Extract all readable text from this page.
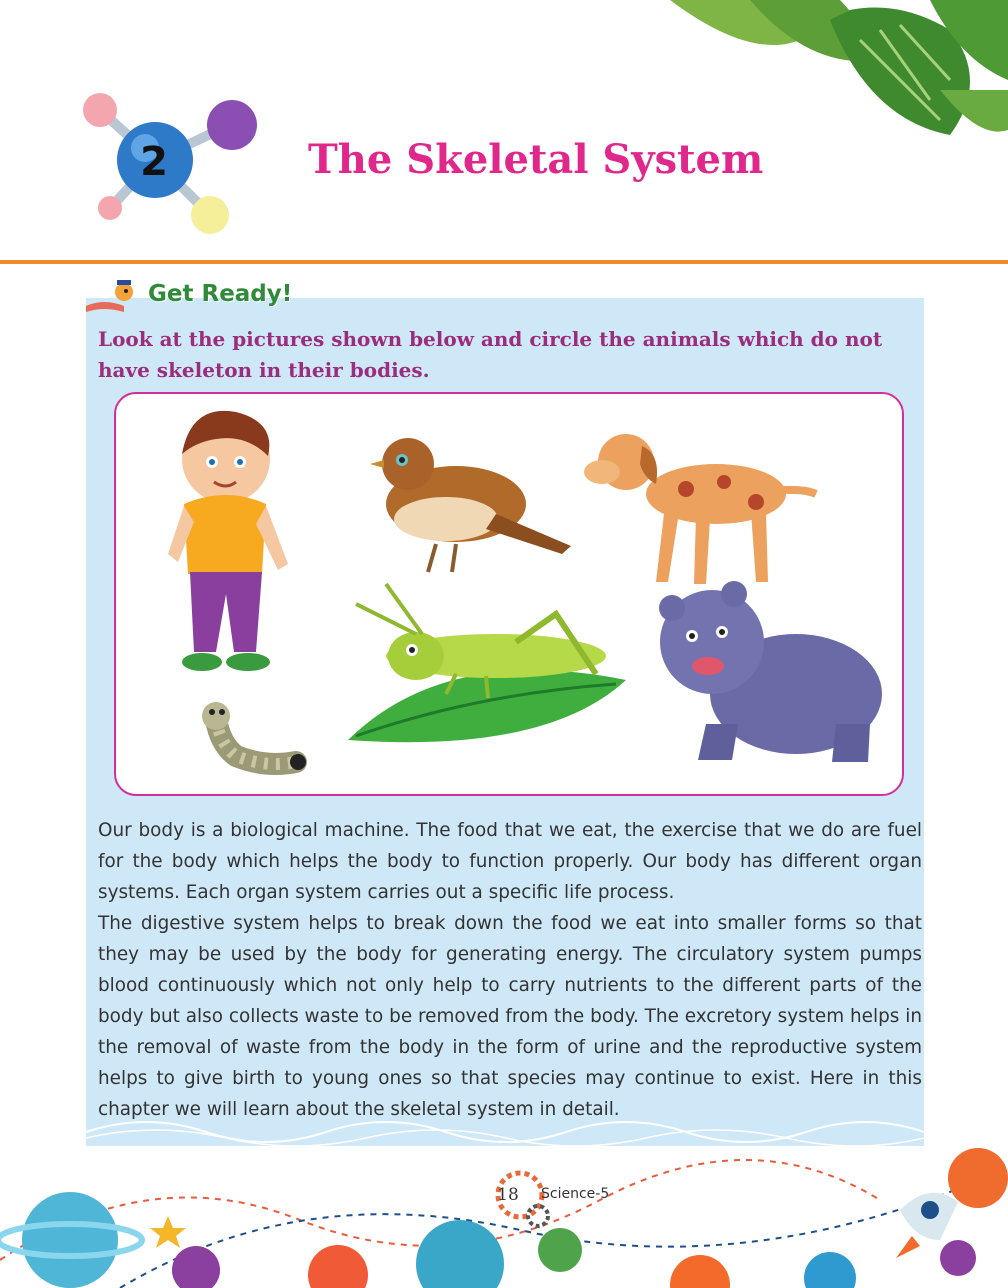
2	The Skeletal System
Get Ready!
Look at the pictures shown below and circle the animals which do not have skeleton in their bodies.
Our body is a biological machine. The food that we eat, the exercise that we do are fuel for the body which helps the body to function properly. Our body has different organ systems. Each organ system carries out a specific life process.
The digestive system helps to break down the food we eat into smaller forms so that they may be used by the body for generating energy. The circulatory system pumps blood continuously which not only help to carry nutrients to the different parts of the body but also collects waste to be removed from the body. The excretory system helps in the removal of waste from the body in the form of urine and the reproductive system helps to give birth to young ones so that species may continue to exist. Here in this chapter we will learn about the skeletal system in detail.
18	Science-5
